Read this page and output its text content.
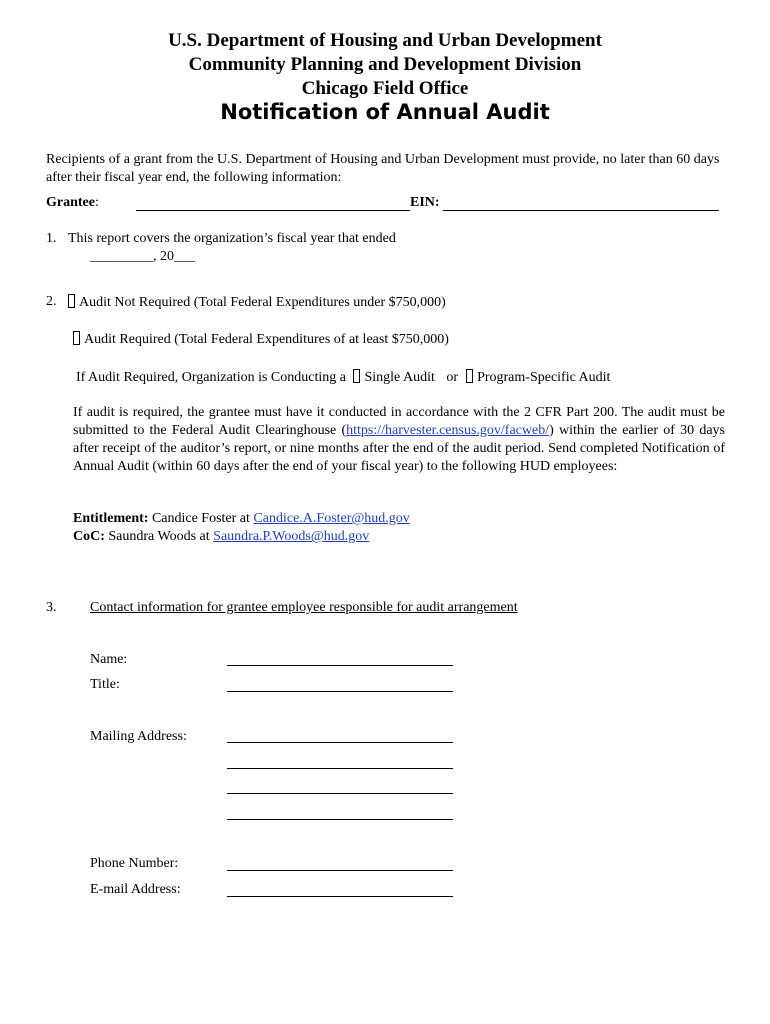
U.S. Department of Housing and Urban Development
Community Planning and Development Division
Chicago Field Office
Notification of Annual Audit
Recipients of a grant from the U.S. Department of Housing and Urban Development must provide, no later than 60 days after their fiscal year end, the following information:
Grantee:	EIN:
1. This report covers the organization’s fiscal year that ended
_________, 20___
2.	Audit Not Required (Total Federal Expenditures under $750,000)
Audit Required (Total Federal Expenditures of at least $750,000)
If Audit Required, Organization is Conducting a Single Audit or Program-Specific Audit
If audit is required, the grantee must have it conducted in accordance with the 2 CFR Part 200. The audit must be submitted to the Federal Audit Clearinghouse (https://harvester.census.gov/facweb/) within the earlier of 30 days after receipt of the auditor’s report, or nine months after the end of the audit period. Send completed Notification of Annual Audit (within 60 days after the end of your fiscal year) to the following HUD employees:
Entitlement: Candice Foster at Candice.A.Foster@hud.gov
CoC: Saundra Woods at Saundra.P.Woods@hud.gov
3. Contact information for grantee employee responsible for audit arrangement
Name:
Title:
Mailing Address:
Phone Number:
E-mail Address:
